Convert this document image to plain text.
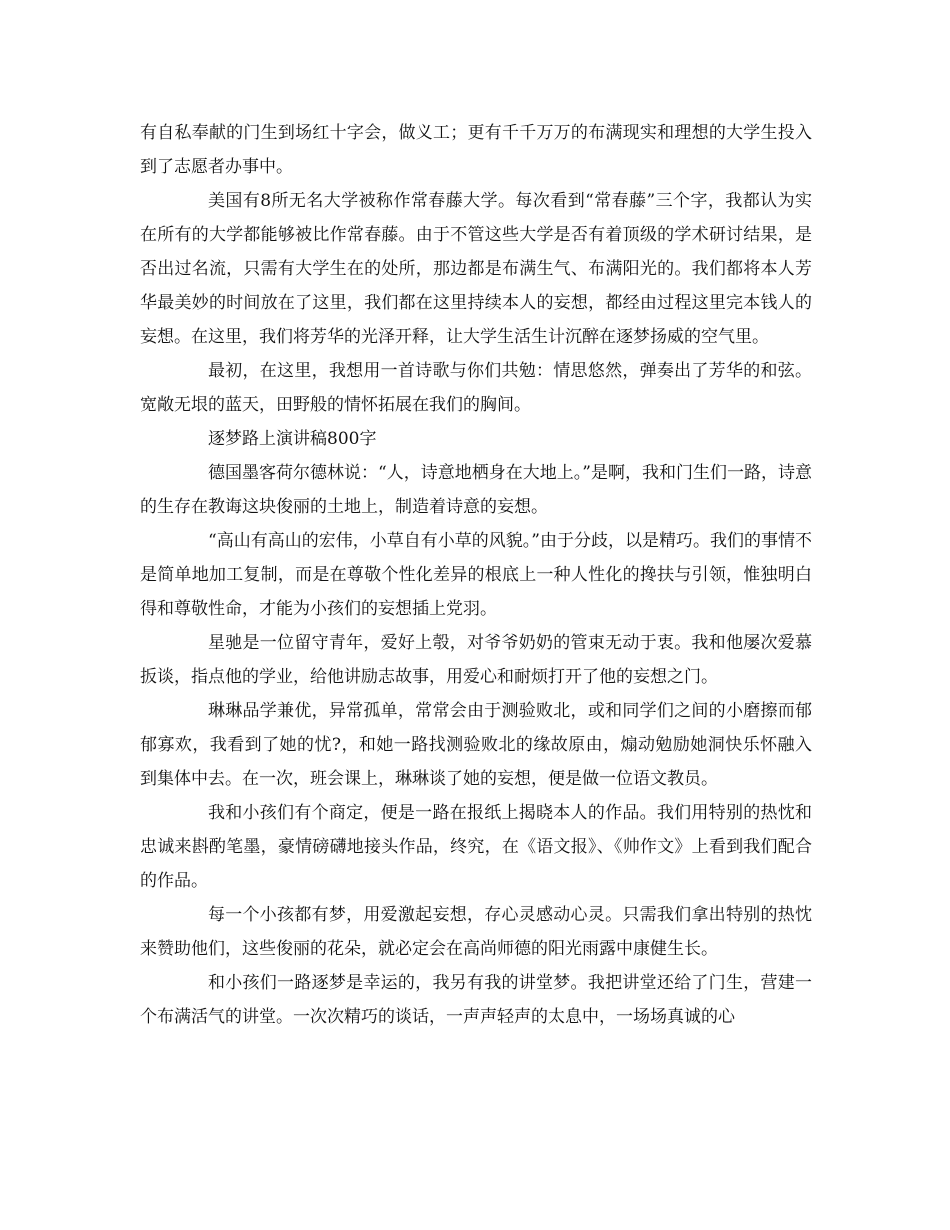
有自私奉献的门生到场红十字会，做义工；更有千千万万的布满现实和理想的大学生投入到了志愿者办事中。

美国有8所无名大学被称作常春藤大学。每次看到“常春藤”三个字，我都认为实在所有的大学都能够被比作常春藤。由于不管这些大学是否有着顶级的学术研讨结果，是否出过名流，只需有大学生在的处所，那边都是布满生气、布满阳光的。我们都将本人芳华最美妙的时间放在了这里，我们都在这里持续本人的妄想，都经由过程这里完本钱人的妄想。在这里，我们将芳华的光泽开释，让大学生活生计沉醉在逐梦扬威的空气里。

最初，在这里，我想用一首诗歌与你们共勉：情思悠然，弹奏出了芳华的和弦。宽敞无垠的蓝天，田野般的情怀拓展在我们的胸间。

逐梦路上演讲稿800字

德国墨客荷尔德林说：“人，诗意地栖身在大地上。”是啊，我和门生们一路，诗意的生存在教诲这块俊丽的土地上，制造着诗意的妄想。

“高山有高山的宏伟，小草自有小草的风貌。”由于分歧，以是精巧。我们的事情不是简单地加工复制，而是在尊敬个性化差异的根底上一种人性化的搀扶与引领，惟独明白得和尊敬性命，才能为小孩们的妄想插上党羽。

星驰是一位留守青年，爱好上彀，对爷爷奶奶的管束无动于衷。我和他屡次爱慕扳谈，指点他的学业，给他讲励志故事，用爱心和耐烦打开了他的妄想之门。

琳琳品学兼优，异常孤单，常常会由于测验败北，或和同学们之间的小磨擦而郁郁寡欢，我看到了她的忧?，和她一路找测验败北的缘故原由，煽动勉励她洞快乐怀融入到集体中去。在一次，班会课上，琳琳谈了她的妄想，便是做一位语文教员。

我和小孩们有个商定，便是一路在报纸上揭晓本人的作品。我们用特别的热忱和忠诚来斟酌笔墨，豪情磅礴地接头作品，终究，在《语文报》、《帅作文》上看到我们配合的作品。

每一个小孩都有梦，用爱激起妄想，存心灵感动心灵。只需我们拿出特别的热忱来赞助他们，这些俊丽的花朵，就必定会在高尚师德的阳光雨露中康健生长。

和小孩们一路逐梦是幸运的，我另有我的讲堂梦。我把讲堂还给了门生，营建一个布满活气的讲堂。一次次精巧的谈话，一声声轻声的太息中，一场场真诚的心
